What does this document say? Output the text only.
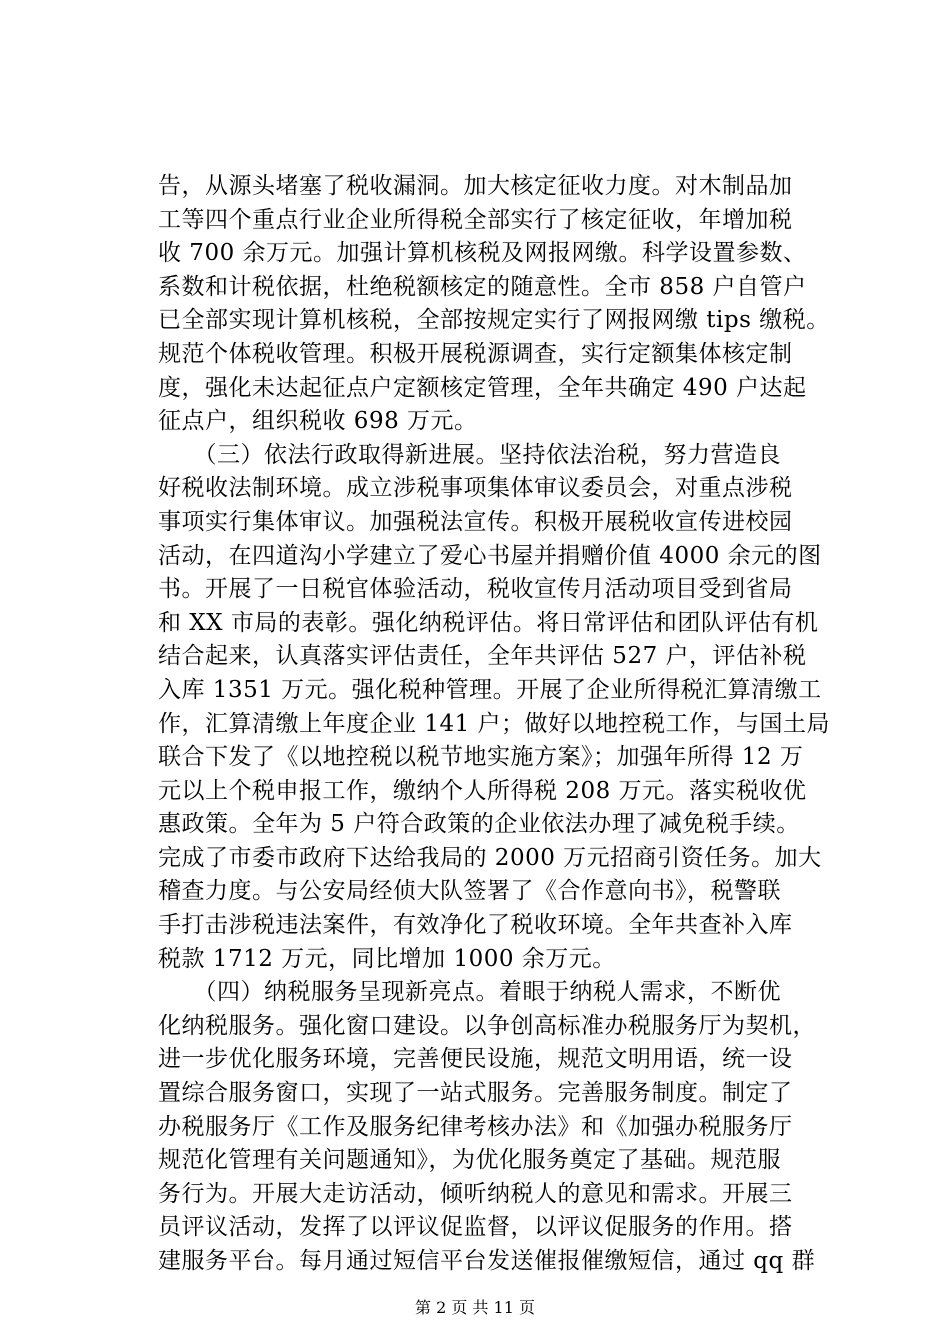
告，从源头堵塞了税收漏洞。加大核定征收力度。对木制品加
工等四个重点行业企业所得税全部实行了核定征收，年增加税
收 700 余万元。加强计算机核税及网报网缴。科学设置参数、
系数和计税依据，杜绝税额核定的随意性。全市 858 户自管户
已全部实现计算机核税，全部按规定实行了网报网缴 tips 缴税。
规范个体税收管理。积极开展税源调查，实行定额集体核定制
度，强化未达起征点户定额核定管理，全年共确定 490 户达起
征点户，组织税收 698 万元。
　　（三）依法行政取得新进展。坚持依法治税，努力营造良
好税收法制环境。成立涉税事项集体审议委员会，对重点涉税
事项实行集体审议。加强税法宣传。积极开展税收宣传进校园
活动，在四道沟小学建立了爱心书屋并捐赠价值 4000 余元的图
书。开展了一日税官体验活动，税收宣传月活动项目受到省局
和 XX 市局的表彰。强化纳税评估。将日常评估和团队评估有机
结合起来，认真落实评估责任，全年共评估 527 户，评估补税
入库 1351 万元。强化税种管理。开展了企业所得税汇算清缴工
作，汇算清缴上年度企业 141 户；做好以地控税工作，与国土局
联合下发了《以地控税以税节地实施方案》；加强年所得 12 万
元以上个税申报工作，缴纳个人所得税 208 万元。落实税收优
惠政策。全年为 5 户符合政策的企业依法办理了减免税手续。
完成了市委市政府下达给我局的 2000 万元招商引资任务。加大
稽查力度。与公安局经侦大队签署了《合作意向书》，税警联
手打击涉税违法案件，有效净化了税收环境。全年共查补入库
税款 1712 万元，同比增加 1000 余万元。
　　（四）纳税服务呈现新亮点。着眼于纳税人需求，不断优
化纳税服务。强化窗口建设。以争创高标准办税服务厅为契机，
进一步优化服务环境，完善便民设施，规范文明用语，统一设
置综合服务窗口，实现了一站式服务。完善服务制度。制定了
办税服务厅《工作及服务纪律考核办法》和《加强办税服务厅
规范化管理有关问题通知》，为优化服务奠定了基础。规范服
务行为。开展大走访活动，倾听纳税人的意见和需求。开展三
员评议活动，发挥了以评议促监督，以评议促服务的作用。搭
建服务平台。每月通过短信平台发送催报催缴短信，通过 qq 群
第 2 页 共 11 页
